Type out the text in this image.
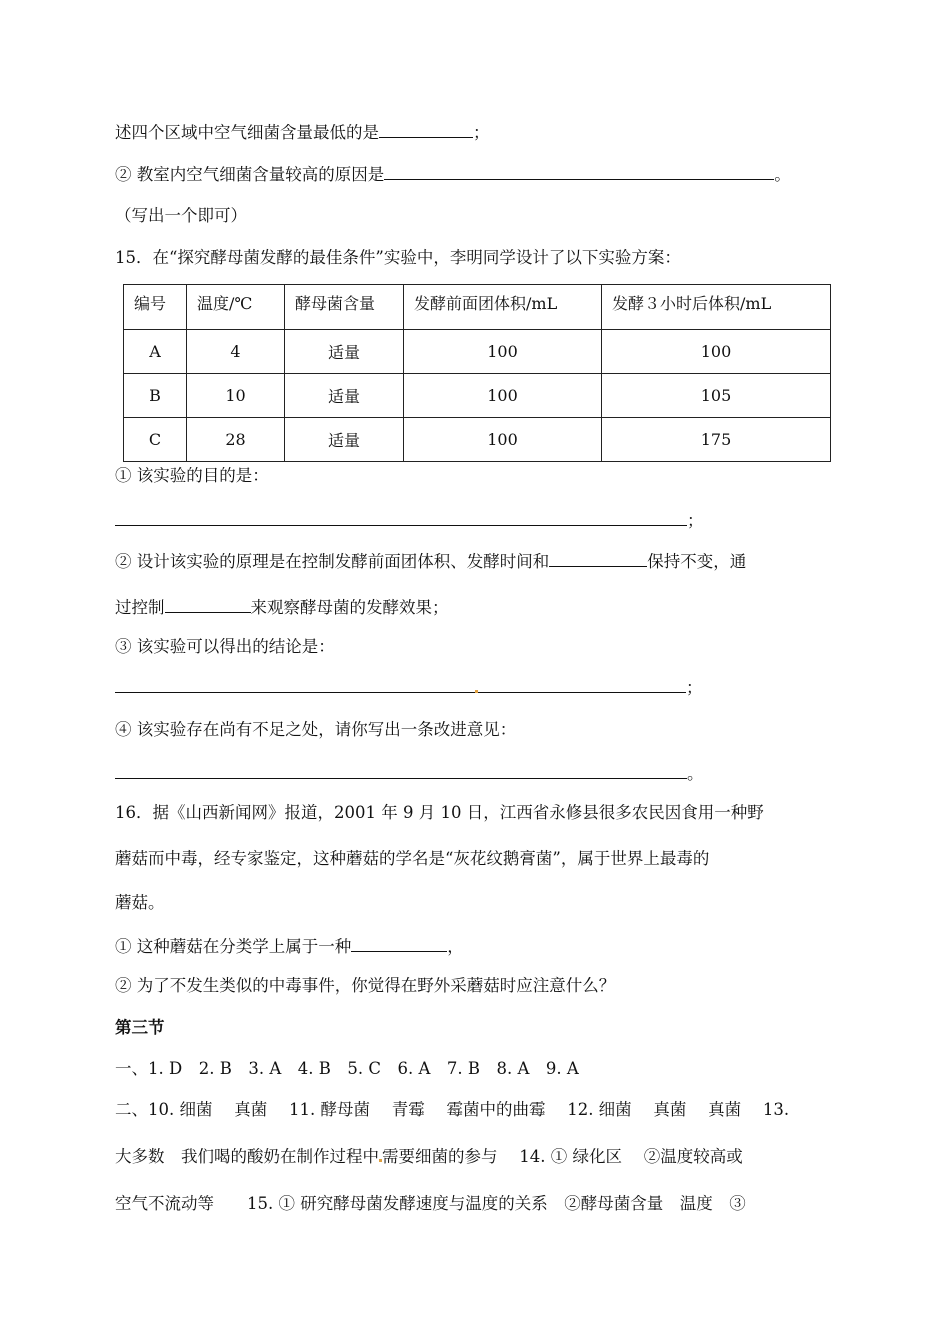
述四个区域中空气细菌含量最低的是	；
② 教室内空气细菌含量较高的原因是	。
（写出一个即可）
15．在“探究酵母菌发酵的最佳条件”实验中，李明同学设计了以下实验方案：
编号	温度/℃	酵母菌含量	发酵前面团体积/mL	发酵３小时后体积/mL
A	4	适量	100	100
B	10	适量	100	105
C	28	适量	100	175
① 该实验的目的是：
；
② 设计该实验的原理是在控制发酵前面团体积、发酵时间和	保持不变，通
过控制	来观察酵母菌的发酵效果；
③ 该实验可以得出的结论是：
；
④ 该实验存在尚有不足之处，请你写出一条改进意见：
。
16．据《山西新闻网》报道，2001 年 9 月 10 日，江西省永修县很多农民因食用一种野
蘑菇而中毒，经专家鉴定，这种蘑菇的学名是“灰花纹鹅膏菌”，属于世界上最毒的
蘑菇。
① 这种蘑菇在分类学上属于一种	，
② 为了不发生类似的中毒事件，你觉得在野外采蘑菇时应注意什么？
第三节
一、1. D　2. B　3. A　4. B　5. C　6. A　7. B　8. A　9. A
二、10. 细菌　 真菌　 11. 酵母菌　 青霉　 霉菌中的曲霉　 12. 细菌　 真菌　 真菌　 13.
大多数　我们喝的酸奶在制作过程中 需要细菌的参与　 14. ① 绿化区　 ②温度较高或
空气不流动等　　15. ① 研究酵母菌发酵速度与温度的关系　②酵母菌含量　温度　③
